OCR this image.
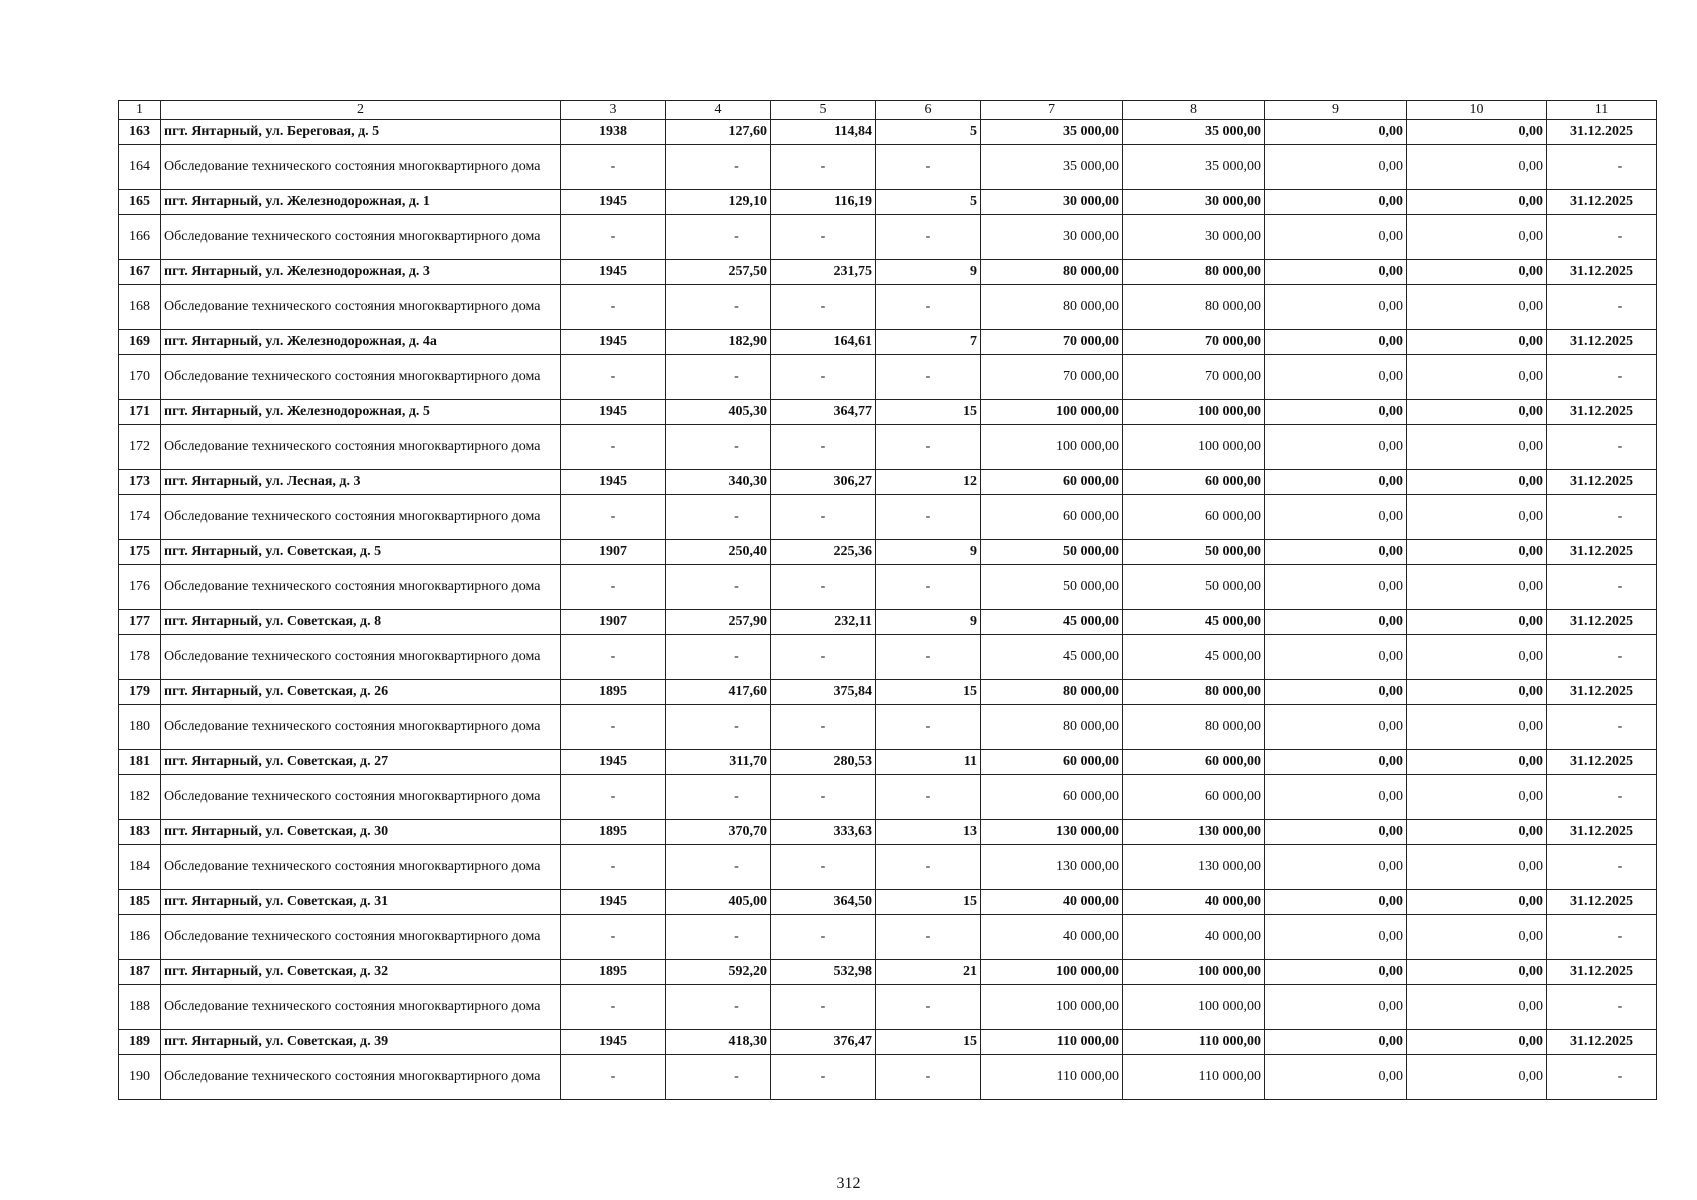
1	2	3	4	5	6	7	8	9	10	11
163	пгт. Янтарный, ул. Береговая, д. 5	1938	127,60	114,84	5	35 000,00	35 000,00	0,00	0,00	31.12.2025
164	Обследование технического состояния многоквартирного дома	-	-	-	-	35 000,00	35 000,00	0,00	0,00	-
165	пгт. Янтарный, ул. Железнодорожная, д. 1	1945	129,10	116,19	5	30 000,00	30 000,00	0,00	0,00	31.12.2025
166	Обследование технического состояния многоквартирного дома	-	-	-	-	30 000,00	30 000,00	0,00	0,00	-
167	пгт. Янтарный, ул. Железнодорожная, д. 3	1945	257,50	231,75	9	80 000,00	80 000,00	0,00	0,00	31.12.2025
168	Обследование технического состояния многоквартирного дома	-	-	-	-	80 000,00	80 000,00	0,00	0,00	-
169	пгт. Янтарный, ул. Железнодорожная, д. 4а	1945	182,90	164,61	7	70 000,00	70 000,00	0,00	0,00	31.12.2025
170	Обследование технического состояния многоквартирного дома	-	-	-	-	70 000,00	70 000,00	0,00	0,00	-
171	пгт. Янтарный, ул. Железнодорожная, д. 5	1945	405,30	364,77	15	100 000,00	100 000,00	0,00	0,00	31.12.2025
172	Обследование технического состояния многоквартирного дома	-	-	-	-	100 000,00	100 000,00	0,00	0,00	-
173	пгт. Янтарный, ул. Лесная, д. 3	1945	340,30	306,27	12	60 000,00	60 000,00	0,00	0,00	31.12.2025
174	Обследование технического состояния многоквартирного дома	-	-	-	-	60 000,00	60 000,00	0,00	0,00	-
175	пгт. Янтарный, ул. Советская, д. 5	1907	250,40	225,36	9	50 000,00	50 000,00	0,00	0,00	31.12.2025
176	Обследование технического состояния многоквартирного дома	-	-	-	-	50 000,00	50 000,00	0,00	0,00	-
177	пгт. Янтарный, ул. Советская, д. 8	1907	257,90	232,11	9	45 000,00	45 000,00	0,00	0,00	31.12.2025
178	Обследование технического состояния многоквартирного дома	-	-	-	-	45 000,00	45 000,00	0,00	0,00	-
179	пгт. Янтарный, ул. Советская, д. 26	1895	417,60	375,84	15	80 000,00	80 000,00	0,00	0,00	31.12.2025
180	Обследование технического состояния многоквартирного дома	-	-	-	-	80 000,00	80 000,00	0,00	0,00	-
181	пгт. Янтарный, ул. Советская, д. 27	1945	311,70	280,53	11	60 000,00	60 000,00	0,00	0,00	31.12.2025
182	Обследование технического состояния многоквартирного дома	-	-	-	-	60 000,00	60 000,00	0,00	0,00	-
183	пгт. Янтарный, ул. Советская, д. 30	1895	370,70	333,63	13	130 000,00	130 000,00	0,00	0,00	31.12.2025
184	Обследование технического состояния многоквартирного дома	-	-	-	-	130 000,00	130 000,00	0,00	0,00	-
185	пгт. Янтарный, ул. Советская, д. 31	1945	405,00	364,50	15	40 000,00	40 000,00	0,00	0,00	31.12.2025
186	Обследование технического состояния многоквартирного дома	-	-	-	-	40 000,00	40 000,00	0,00	0,00	-
187	пгт. Янтарный, ул. Советская, д. 32	1895	592,20	532,98	21	100 000,00	100 000,00	0,00	0,00	31.12.2025
188	Обследование технического состояния многоквартирного дома	-	-	-	-	100 000,00	100 000,00	0,00	0,00	-
189	пгт. Янтарный, ул. Советская, д. 39	1945	418,30	376,47	15	110 000,00	110 000,00	0,00	0,00	31.12.2025
190	Обследование технического состояния многоквартирного дома	-	-	-	-	110 000,00	110 000,00	0,00	0,00	-
312
